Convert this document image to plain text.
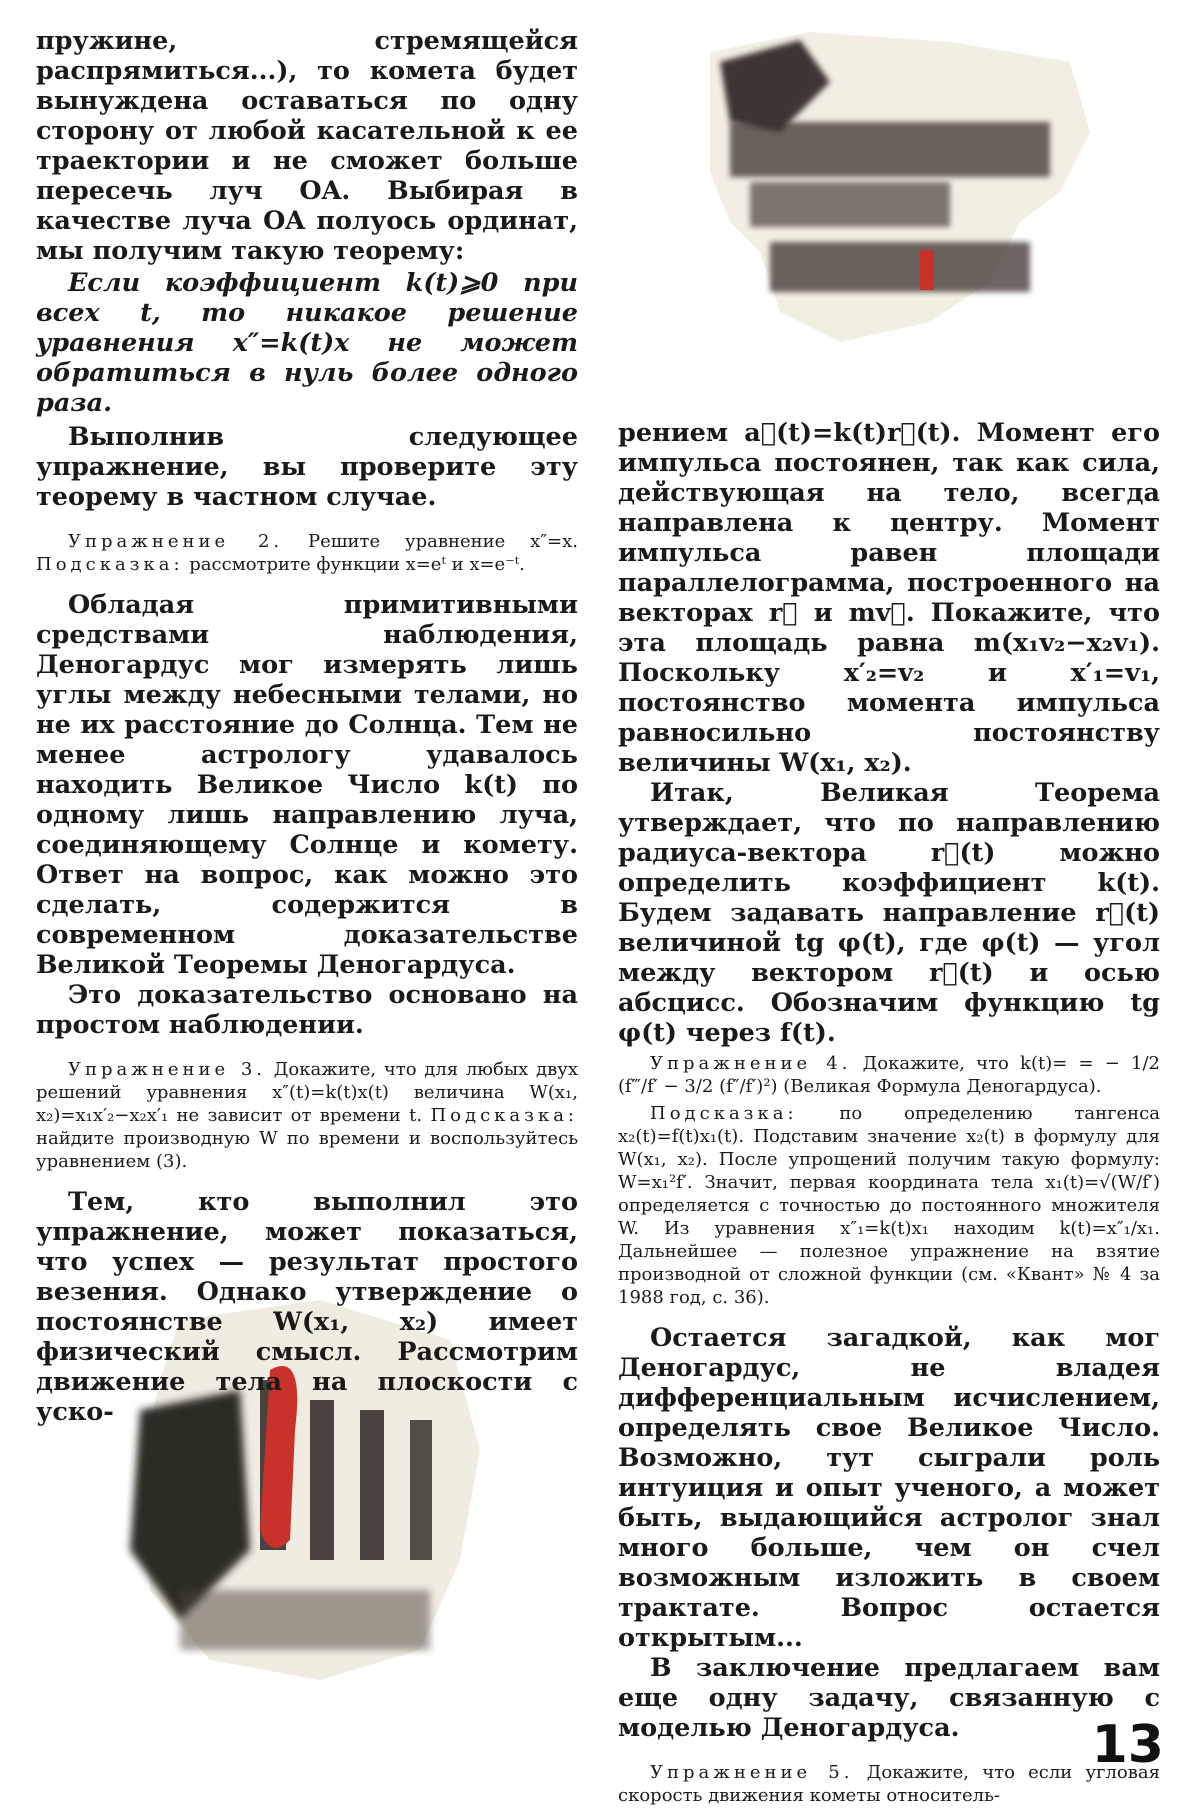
пружине, стремящейся распрямиться...), то комета будет вынуждена оставаться по одну сторону от любой касательной к ее траектории и не сможет больше пересечь луч OA. Выбирая в качестве луча OA полуось ординат, мы получим такую теорему:

Если коэффициент k(t)⩾0 при всех t, то никакое решение уравнения x″=k(t)x не может обратиться в нуль более одного раза.

Выполнив следующее упражнение, вы проверите эту теорему в частном случае.

Упражнение 2. Решите уравнение x″=x. Подсказка: рассмотрите функции x=eᵗ и x=e⁻ᵗ.

Обладая примитивными средствами наблюдения, Деногардус мог измерять лишь углы между небесными телами, но не их расстояние до Солнца. Тем не менее астрологу удавалось находить Великое Число k(t) по одному лишь направлению луча, соединяющему Солнце и комету. Ответ на вопрос, как можно это сделать, содержится в современном доказательстве Великой Теоремы Деногардуса.

Это доказательство основано на простом наблюдении.

Упражнение 3. Докажите, что для любых двух решений уравнения x″(t)=k(t)x(t) величина W(x₁, x₂)=x₁x′₂−x₂x′₁ не зависит от времени t. Подсказка: найдите производную W по времени и воспользуйтесь уравнением (3).

Тем, кто выполнил это упражнение, может показаться, что успех — результат простого везения. Однако утверждение о постоянстве W(x₁, x₂) имеет физический смысл. Рассмотрим движение тела на плоскости с уско-

рением a⃗(t)=k(t)r⃗(t). Момент его импульса постоянен, так как сила, действующая на тело, всегда направлена к центру. Момент импульса равен площади параллелограмма, построенного на векторах r⃗ и mv⃗. Покажите, что эта площадь равна m(x₁v₂−x₂v₁). Поскольку x′₂=v₂ и x′₁=v₁, постоянство момента импульса равносильно постоянству величины W(x₁, x₂).

Итак, Великая Теорема утверждает, что по направлению радиуса-вектора r⃗(t) можно определить коэффициент k(t). Будем задавать направление r⃗(t) величиной tg φ(t), где φ(t) — угол между вектором r⃗(t) и осью абсцисс. Обозначим функцию tg φ(t) через f(t).

Упражнение 4. Докажите, что k(t)= = − 1/2 (f‴/f′ − 3/2 (f″/f′)²) (Великая Формула Деногардуса).

Подсказка: по определению тангенса x₂(t)=f(t)x₁(t). Подставим значение x₂(t) в формулу для W(x₁, x₂). После упрощений получим такую формулу: W=x₁²f′. Значит, первая координата тела x₁(t)=√(W/f′) определяется с точностью до постоянного множителя W. Из уравнения x″₁=k(t)x₁ находим k(t)=x″₁/x₁. Дальнейшее — полезное упражнение на взятие производной от сложной функции (см. «Квант» № 4 за 1988 год, с. 36).

Остается загадкой, как мог Деногардус, не владея дифференциальным исчислением, определять свое Великое Число. Возможно, тут сыграли роль интуиция и опыт ученого, а может быть, выдающийся астролог знал много больше, чем он счел возможным изложить в своем трактате. Вопрос остается открытым...

В заключение предлагаем вам еще одну задачу, связанную с моделью Деногардуса.

Упражнение 5. Докажите, что если угловая скорость движения кометы относитель-

13
